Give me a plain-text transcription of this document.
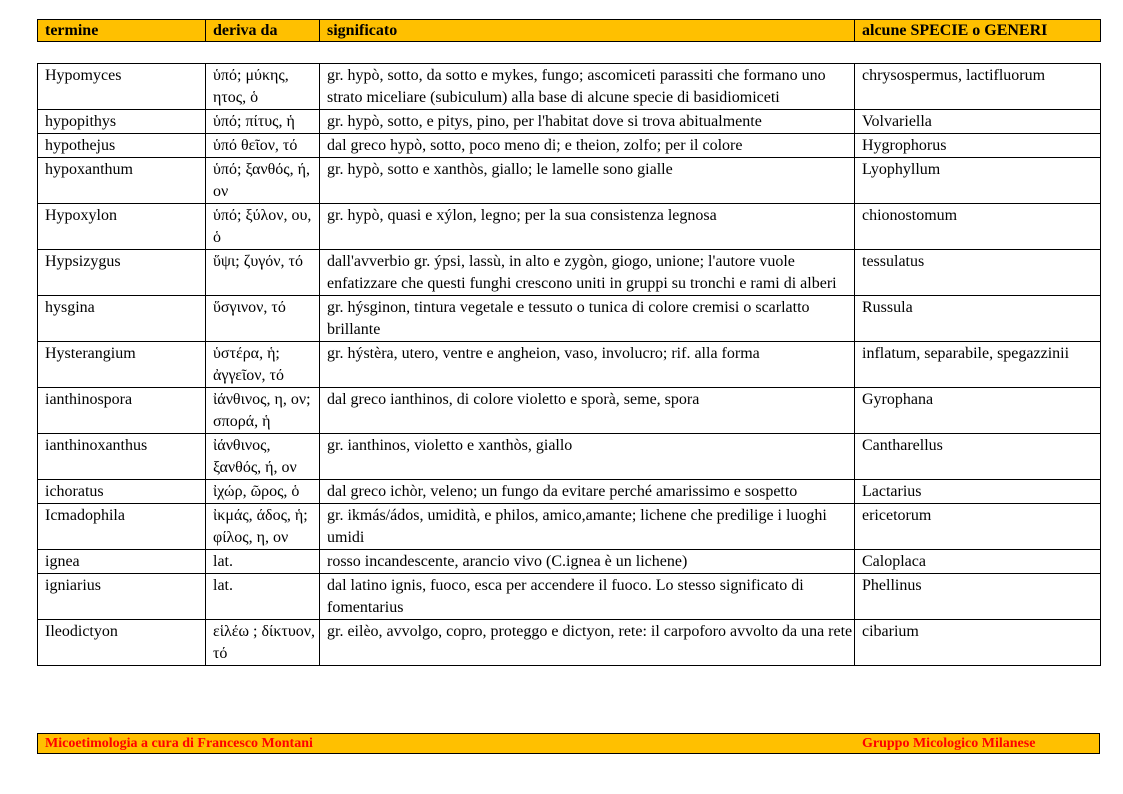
termine	deriva da	significato	alcune SPECIE o GENERI
Hypomyces	ὑπό; μύκης, ητος, ὁ	gr. hypò, sotto, da sotto e mykes, fungo; ascomiceti parassiti che formano uno strato miceliare (subiculum) alla base di alcune specie di basidiomiceti	chrysospermus, lactifluorum
hypopithys	ὑπό; πίτυς, ἡ	gr. hypò, sotto, e pitys, pino, per l'habitat dove si trova abitualmente	Volvariella
hypothejus	ὑπό θεῖον, τό	dal greco hypò, sotto, poco meno di; e theion, zolfo; per il colore	Hygrophorus
hypoxanthum	ὑπό; ξανθός, ή, ον	gr. hypò, sotto e xanthòs, giallo; le lamelle sono gialle	Lyophyllum
Hypoxylon	ὑπό; ξύλον, ου, ὁ	gr. hypò, quasi e xýlon, legno; per la sua consistenza legnosa	chionostomum
Hypsizygus	ὕψι; ζυγόν, τό	dall'avverbio gr. ýpsi, lassù, in alto e zygòn, giogo, unione; l'autore vuole enfatizzare che questi funghi crescono uniti in gruppi su tronchi e rami di alberi	tessulatus
hysgina	ὕσγινον, τό	gr. hýsginon, tintura vegetale e tessuto o tunica di colore cremisi o scarlatto brillante	Russula
Hysterangium	ὑστέρα, ἡ; ἀγγεῖον, τό	gr. hýstèra, utero, ventre e angheion, vaso, involucro; rif. alla forma	inflatum, separabile, spegazzinii
ianthinospora	ἰάνθινος, η, ον; σπορά, ἡ	dal greco ianthinos, di colore violetto e sporà, seme, spora	Gyrophana
ianthinoxanthus	ἰάνθινος, ξανθός, ή, ον	gr. ianthinos, violetto e xanthòs, giallo	Cantharellus
ichoratus	ἰχώρ, ῶρος, ὁ	dal greco ichòr, veleno; un fungo da evitare perché amarissimo e sospetto	Lactarius
Icmadophila	ἰκμάς, άδος, ἡ; φίλος, η, ον	gr. ikmás/ádos, umidità, e philos, amico,amante; lichene che predilige i luoghi umidi	ericetorum
ignea	lat.	rosso incandescente, arancio vivo (C.ignea è un lichene)	Caloplaca
igniarius	lat.	dal latino ignis, fuoco, esca per accendere il fuoco. Lo stesso significato di fomentarius	Phellinus
Ileodictyon	εἱλέω ; δίκτυον, τό	gr. eilèo, avvolgo, copro, proteggo e dictyon, rete: il carpoforo avvolto da una rete	cibarium
Micoetimologia a cura di Francesco Montani	Gruppo Micologico Milanese
